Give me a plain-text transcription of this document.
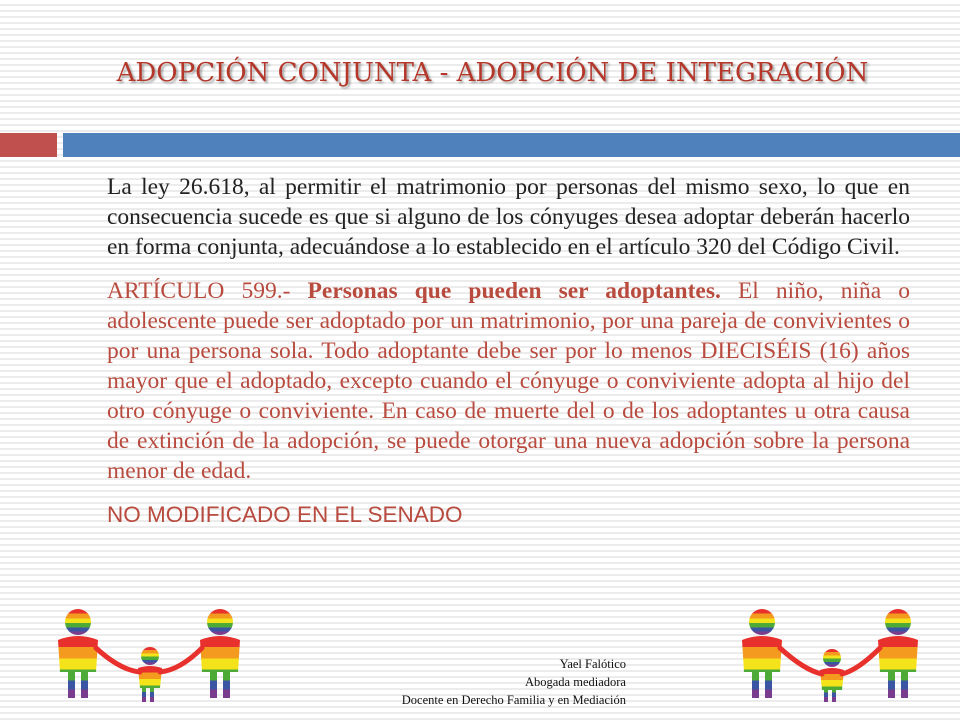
ADOPCIÓN CONJUNTA - ADOPCIÓN DE INTEGRACIÓN

La ley 26.618, al permitir el matrimonio por personas del mismo sexo, lo que en consecuencia sucede es que si alguno de los cónyuges desea adoptar deberán hacerlo en forma conjunta, adecuándose a lo establecido en el artículo 320 del Código Civil.

ARTÍCULO 599.- Personas que pueden ser adoptantes. El niño, niña o adolescente puede ser adoptado por un matrimonio, por una pareja de convivientes o por una persona sola. Todo adoptante debe ser por lo menos DIECISÉIS (16) años mayor que el adoptado, excepto cuando el cónyuge o conviviente adopta al hijo del otro cónyuge o conviviente. En caso de muerte del o de los adoptantes u otra causa de extinción de la adopción, se puede otorgar una nueva adopción sobre la persona menor de edad.

NO MODIFICADO EN EL SENADO

Yael Falótico
Abogada mediadora
Docente en Derecho Familia y en Mediación
